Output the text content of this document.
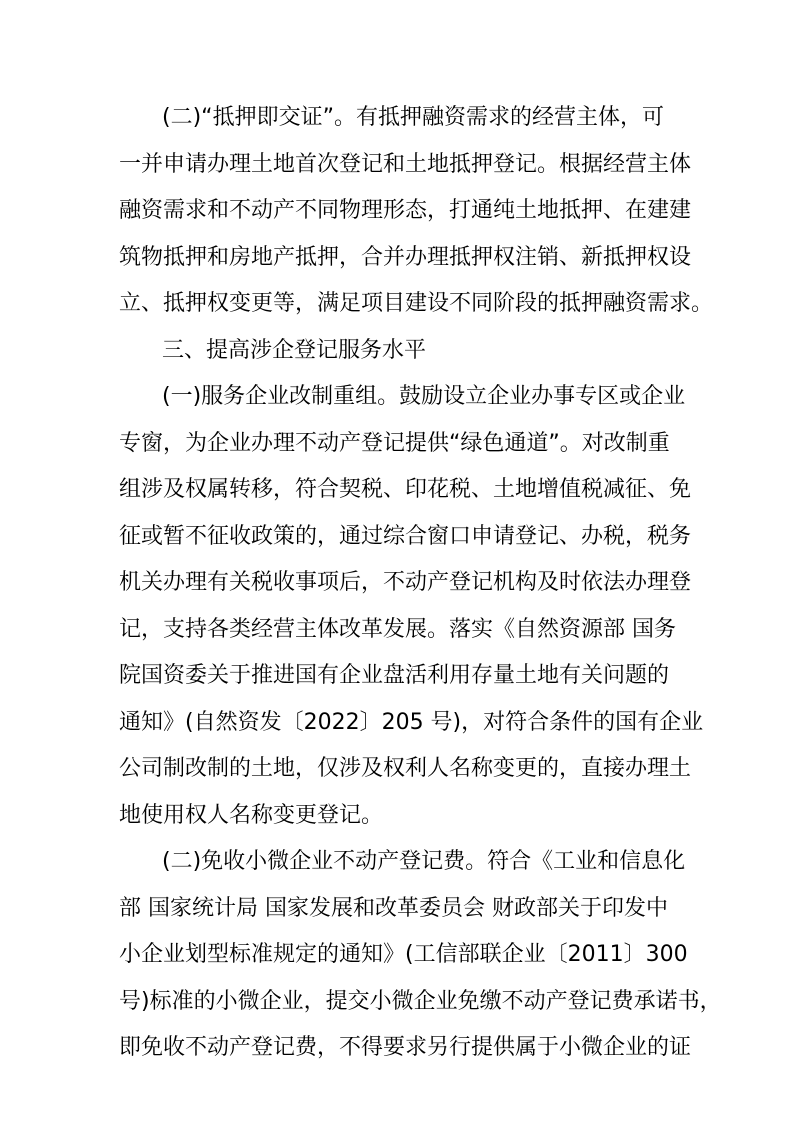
(二)“抵押即交证”。有抵押融资需求的经营主体，可
一并申请办理土地首次登记和土地抵押登记。根据经营主体
融资需求和不动产不同物理形态，打通纯土地抵押、在建建
筑物抵押和房地产抵押，合并办理抵押权注销、新抵押权设
立、抵押权变更等，满足项目建设不同阶段的抵押融资需求。
三、提高涉企登记服务水平
(一)服务企业改制重组。鼓励设立企业办事专区或企业
专窗，为企业办理不动产登记提供“绿色通道”。对改制重
组涉及权属转移，符合契税、印花税、土地增值税减征、免
征或暂不征收政策的，通过综合窗口申请登记、办税，税务
机关办理有关税收事项后，不动产登记机构及时依法办理登
记，支持各类经营主体改革发展。落实《自然资源部 国务
院国资委关于推进国有企业盘活利用存量土地有关问题的
通知》(自然资发〔2022〕205 号)，对符合条件的国有企业
公司制改制的土地，仅涉及权利人名称变更的，直接办理土
地使用权人名称变更登记。
(二)免收小微企业不动产登记费。符合《工业和信息化
部 国家统计局 国家发展和改革委员会 财政部关于印发中
小企业划型标准规定的通知》(工信部联企业〔2011〕300
号)标准的小微企业，提交小微企业免缴不动产登记费承诺书，
即免收不动产登记费，不得要求另行提供属于小微企业的证
